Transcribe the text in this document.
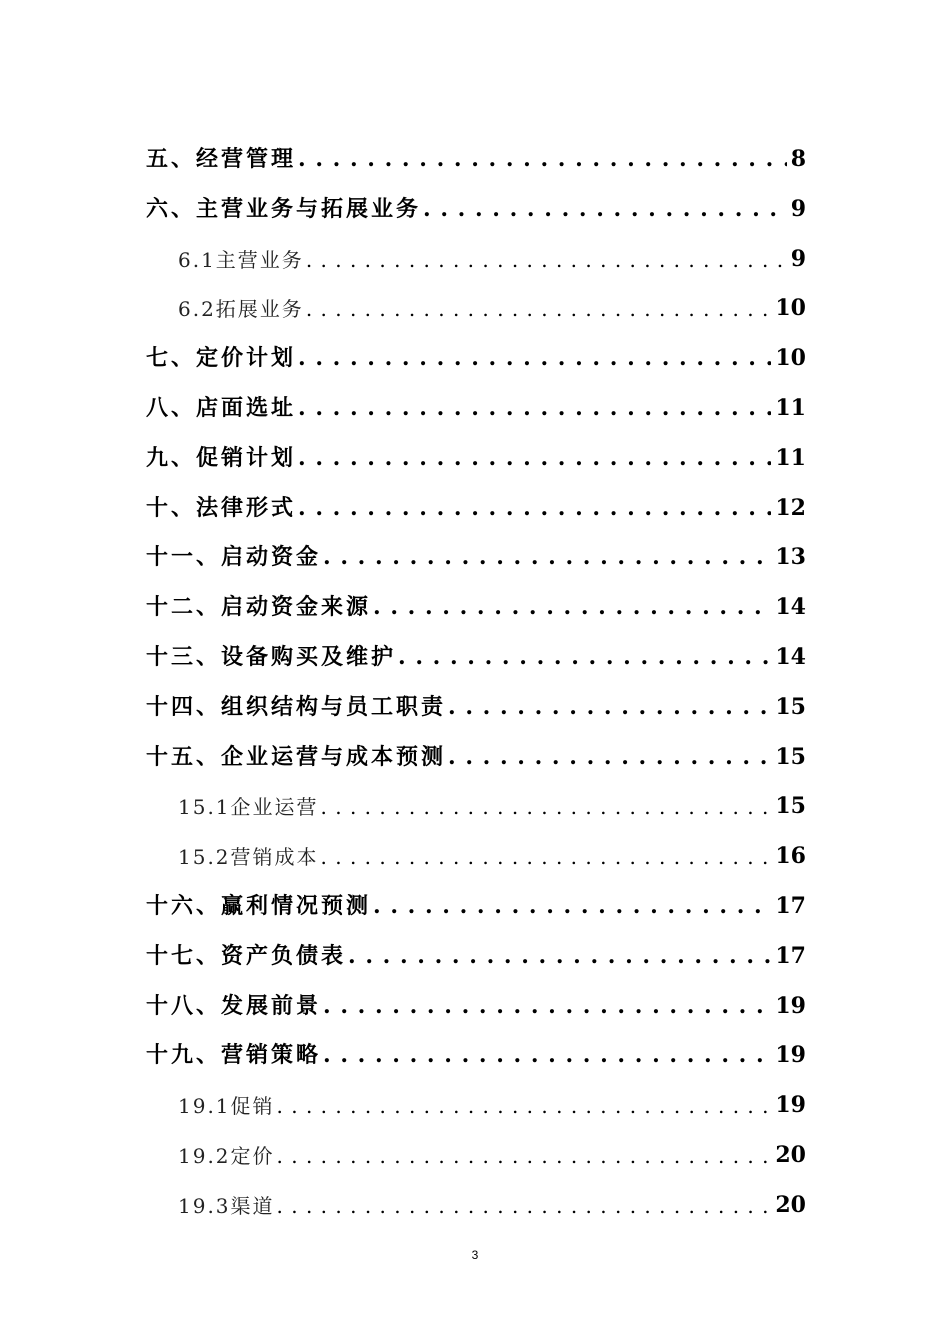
五、经营管理 . . .	8
六、主营业务与拓展业务 . . .	9
6.1主营业务 . . .	9
6.2拓展业务 . . .	10
七、定价计划 . . .	10
八、店面选址 . . .	11
九、促销计划 . . .	11
十、法律形式 . . .	12
十一、启动资金 . . .	13
十二、启动资金来源 . . .	14
十三、设备购买及维护 . . .	14
十四、组织结构与员工职责 . . .	15
十五、企业运营与成本预测 . . .	15
15.1企业运营 . . .	15
15.2营销成本 . . .	16
十六、赢利情况预测 . . .	17
十七、资产负债表 . . .	17
十八、发展前景 . . .	19
十九、营销策略 . . .	19
19.1促销 . . .	19
19.2定价 . . .	20
19.3渠道 . . .	20
3
